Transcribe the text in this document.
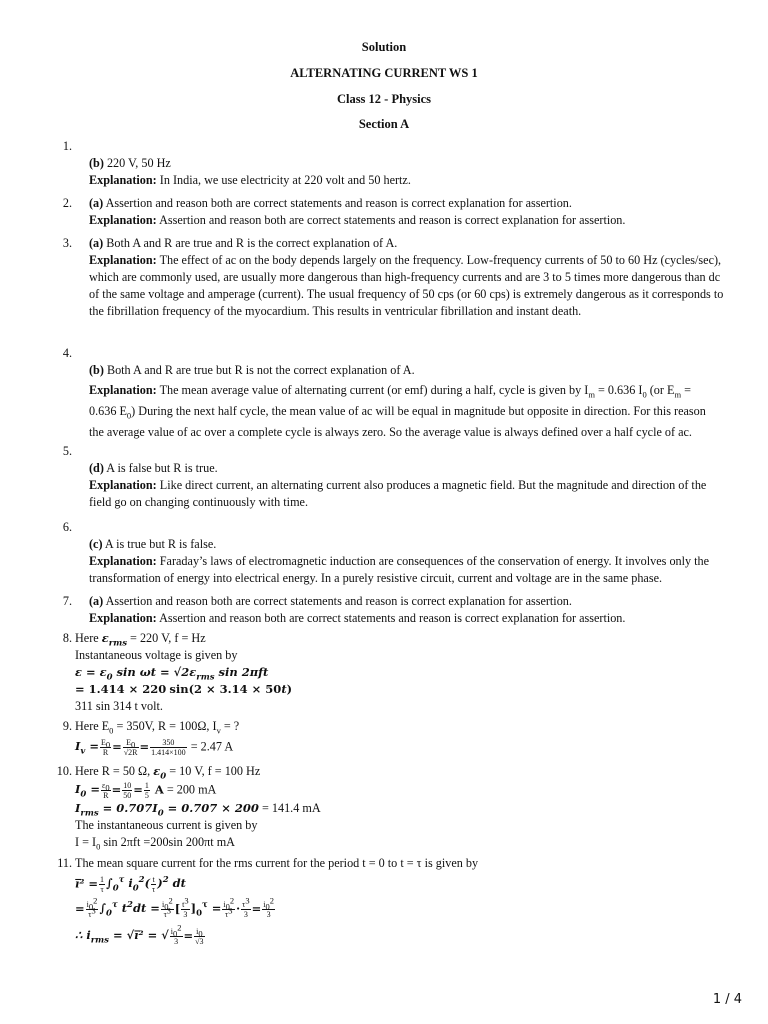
Solution
ALTERNATING CURRENT WS 1
Class 12 - Physics
Section A
1.
(b) 220 V, 50 Hz
Explanation: In India, we use electricity at 220 volt and 50 hertz.
2. (a) Assertion and reason both are correct statements and reason is correct explanation for assertion.
Explanation: Assertion and reason both are correct statements and reason is correct explanation for assertion.
3. (a) Both A and R are true and R is the correct explanation of A.
Explanation: The effect of ac on the body depends largely on the frequency. Low-frequency currents of 50 to 60 Hz (cycles/sec), which are commonly used, are usually more dangerous than high-frequency currents and are 3 to 5 times more dangerous than dc of the same voltage and amperage (current). The usual frequency of 50 cps (or 60 cps) is extremely dangerous as it corresponds to the fibrillation frequency of the myocardium. This results in ventricular fibrillation and instant death.
4.
(b) Both A and R are true but R is not the correct explanation of A.
Explanation: The mean average value of alternating current (or emf) during a half, cycle is given by $I_m = 0.636$ $I_0$ (or $E_m$ =
0.636 $E_0$) During the next half cycle, the mean value of ac will be equal in magnitude but opposite in direction. For this reason
the average value of ac over a complete cycle is always zero. So the average value is always defined over a half cycle of ac.
5.
(d) A is false but R is true.
Explanation: Like direct current, an alternating current also produces a magnetic field. But the magnitude and direction of the field go on changing continuously with time.
6.
(c) A is true but R is false.
Explanation: Faraday’s laws of electromagnetic induction are consequences of the conservation of energy. It involves only the transformation of energy into electrical energy. In a purely resistive circuit, current and voltage are in the same phase.
7. (a) Assertion and reason both are correct statements and reason is correct explanation for assertion.
Explanation: Assertion and reason both are correct statements and reason is correct explanation for assertion.
8. Here $\varepsilon_{rms} = 220$ V, f = Hz
Instantaneous voltage is given by
$\varepsilon = \varepsilon_0$ $\sin \omega t = √2\varepsilon_{rms}$ sin 2πft
= 1.414 × 220 sin(2 × 3.14 × 50t)
311 sin 314 t volt.
9. Here $E_0 = 350V$, R = 100Ω, $I_v$ = ?
$I_v = \frac{E_0}{R} = \frac{E_0}{√2R} = \frac{350}{1.414\times 100} = 2.47$ A
10. Here R = 50 Ω, $\varepsilon_0 = 10$ V, f = 100 Hz
$I_0 = \frac{\varepsilon_0}{R} = \frac{10}{50} = \frac{1}{5}$ A = 200 mA
$I_{rms} = 0.707I_0 = 0.707 \times 200 = 141.4$ mA
The instantaneous current is given by
$I = I_0$ sin 2πft =200sin 200πt mA
11. The mean square current for the rms current for the period t = 0 to t = τ is given by
i̅² = $\frac{1}{\tau} \int_0^\tau$ $i_0^2( \frac{t}{\tau} )^2$ dt
= $\frac{i_0^2}{\tau^3} \int_0^\tau$ $t^2dt = \frac{i_0^2}{\tau^3}$ [ $\frac{t^3}{3} ]_0^\tau = \frac{i_0^2}{\tau^3} \cdot \frac{\tau^3}{3} = \frac{i_0^2}{3}$
∴ $i_{rms}$ = √i̅² = √ $\frac{i_0^2}{3} = \frac{i_0}{√3}$
1 / 4
